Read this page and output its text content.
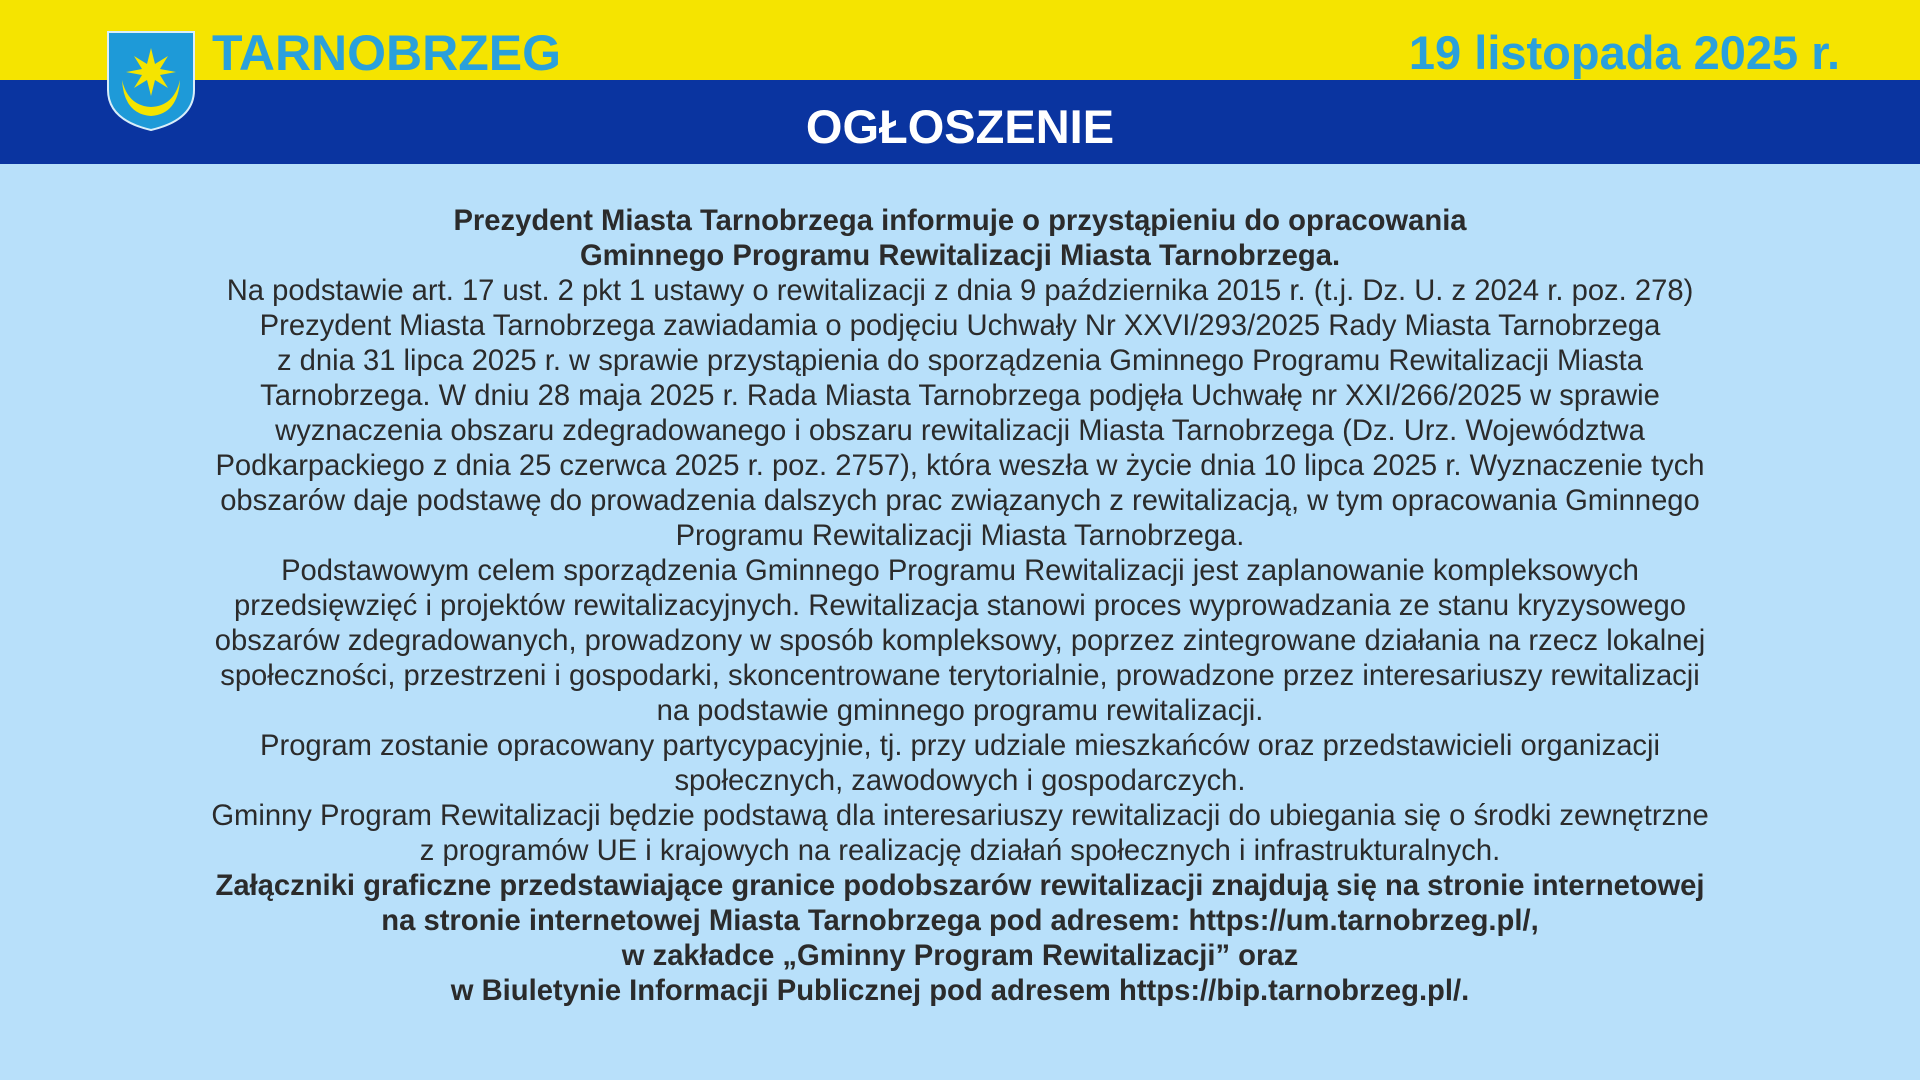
TARNOBRZEG	19 listopada 2025 r.
OGŁOSZENIE

Prezydent Miasta Tarnobrzega informuje o przystąpieniu do opracowania

Gminnego Programu Rewitalizacji Miasta Tarnobrzega.

Na podstawie art. 17 ust. 2 pkt 1 ustawy o rewitalizacji z dnia 9 października 2015 r. (t.j. Dz. U. z 2024 r. poz. 278)

Prezydent Miasta Tarnobrzega zawiadamia o podjęciu Uchwały Nr XXVI/293/2025 Rady Miasta Tarnobrzega

z dnia 31 lipca 2025 r. w sprawie przystąpienia do sporządzenia Gminnego Programu Rewitalizacji Miasta

Tarnobrzega. W dniu 28 maja 2025 r. Rada Miasta Tarnobrzega podjęła Uchwałę nr XXI/266/2025 w sprawie

wyznaczenia obszaru zdegradowanego i obszaru rewitalizacji Miasta Tarnobrzega (Dz. Urz. Województwa

Podkarpackiego z dnia 25 czerwca 2025 r. poz. 2757), która weszła w życie dnia 10 lipca 2025 r. Wyznaczenie tych

obszarów daje podstawę do prowadzenia dalszych prac związanych z rewitalizacją, w tym opracowania Gminnego

Programu Rewitalizacji Miasta Tarnobrzega.

Podstawowym celem sporządzenia Gminnego Programu Rewitalizacji jest zaplanowanie kompleksowych

przedsięwzięć i projektów rewitalizacyjnych. Rewitalizacja stanowi proces wyprowadzania ze stanu kryzysowego

obszarów zdegradowanych, prowadzony w sposób kompleksowy, poprzez zintegrowane działania na rzecz lokalnej

społeczności, przestrzeni i gospodarki, skoncentrowane terytorialnie, prowadzone przez interesariuszy rewitalizacji

na podstawie gminnego programu rewitalizacji.

Program zostanie opracowany partycypacyjnie, tj. przy udziale mieszkańców oraz przedstawicieli organizacji

społecznych, zawodowych i gospodarczych.

Gminny Program Rewitalizacji będzie podstawą dla interesariuszy rewitalizacji do ubiegania się o środki zewnętrzne

z programów UE i krajowych na realizację działań społecznych i infrastrukturalnych.

Załączniki graficzne przedstawiające granice podobszarów rewitalizacji znajdują się na stronie internetowej

na stronie internetowej Miasta Tarnobrzega pod adresem: https://um.tarnobrzeg.pl/,

w zakładce „Gminny Program Rewitalizacji” oraz

w Biuletynie Informacji Publicznej pod adresem https://bip.tarnobrzeg.pl/.
